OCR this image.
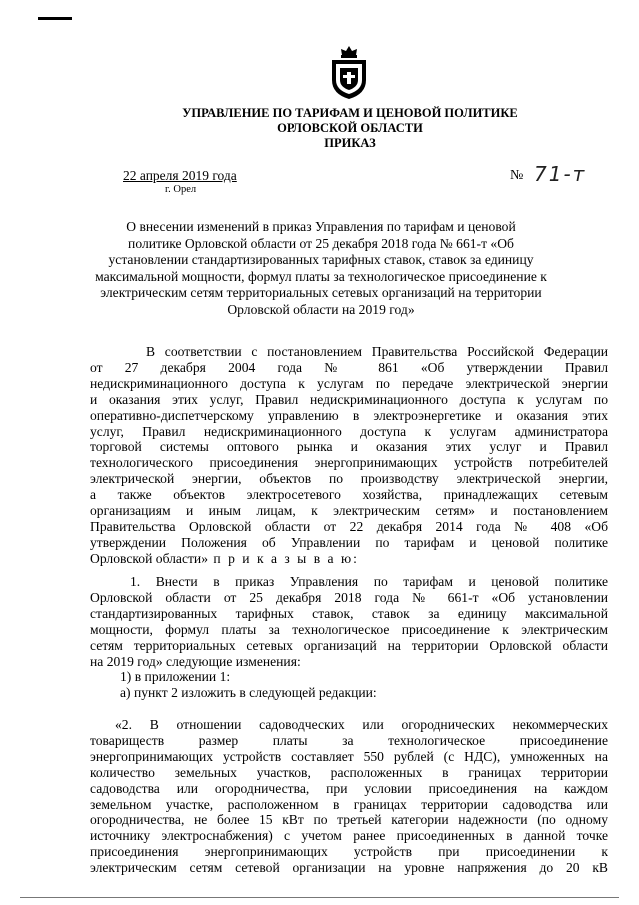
УПРАВЛЕНИЕ ПО ТАРИФАМ И ЦЕНОВОЙ ПОЛИТИКЕ
ОРЛОВСКОЙ ОБЛАСТИ
ПРИКАЗ
22 апреля 2019 года
г. Орел
№ 71-т
О внесении изменений в приказ Управления по тарифам и ценовой
политике Орловской области от 25 декабря 2018 года № 661-т «Об
установлении стандартизированных тарифных ставок, ставок за единицу
максимальной мощности, формул платы за технологическое присоединение к
электрическим сетям территориальных сетевых организаций на территории
Орловской области на 2019 год»

В соответствии с постановлением Правительства Российской Федерации

от 27 декабря 2004 года № 861 «Об утверждении Правил

недискриминационного доступа к услугам по передаче электрической энергии

и оказания этих услуг, Правил недискриминационного доступа к услугам по

оперативно-диспетчерскому управлению в электроэнергетике и оказания этих

услуг, Правил недискриминационного доступа к услугам администратора

торговой системы оптового рынка и оказания этих услуг и Правил

технологического присоединения энергопринимающих устройств потребителей

электрической энергии, объектов по производству электрической энергии,

а также объектов электросетевого хозяйства, принадлежащих сетевым

организациям и иным лицам, к электрическим сетям» и постановлением

Правительства Орловской области от 22 декабря 2014 года № 408 «Об

утверждении Положения об Управлении по тарифам и ценовой политике

Орловской области» п р и к а з ы в а ю:

1. Внести в приказ Управления по тарифам и ценовой политике

Орловской области от 25 декабря 2018 года № 661-т «Об установлении

стандартизированных тарифных ставок, ставок за единицу максимальной

мощности, формул платы за технологическое присоединение к электрическим

сетям территориальных сетевых организаций на территории Орловской области

на 2019 год» следующие изменения:

1) в приложении 1:

а) пункт 2 изложить в следующей редакции:

«2. В отношении садоводческих или огороднических некоммерческих

товариществ размер платы за технологическое присоединение

энергопринимающих устройств составляет 550 рублей (с НДС), умноженных на

количество земельных участков, расположенных в границах территории

садоводства или огородничества, при условии присоединения на каждом

земельном участке, расположенном в границах территории садоводства или

огородничества, не более 15 кВт по третьей категории надежности (по одному

источнику электроснабжения) с учетом ранее присоединенных в данной точке

присоединения энергопринимающих устройств при присоединении к

электрическим сетям сетевой организации на уровне напряжения до 20 кВ
